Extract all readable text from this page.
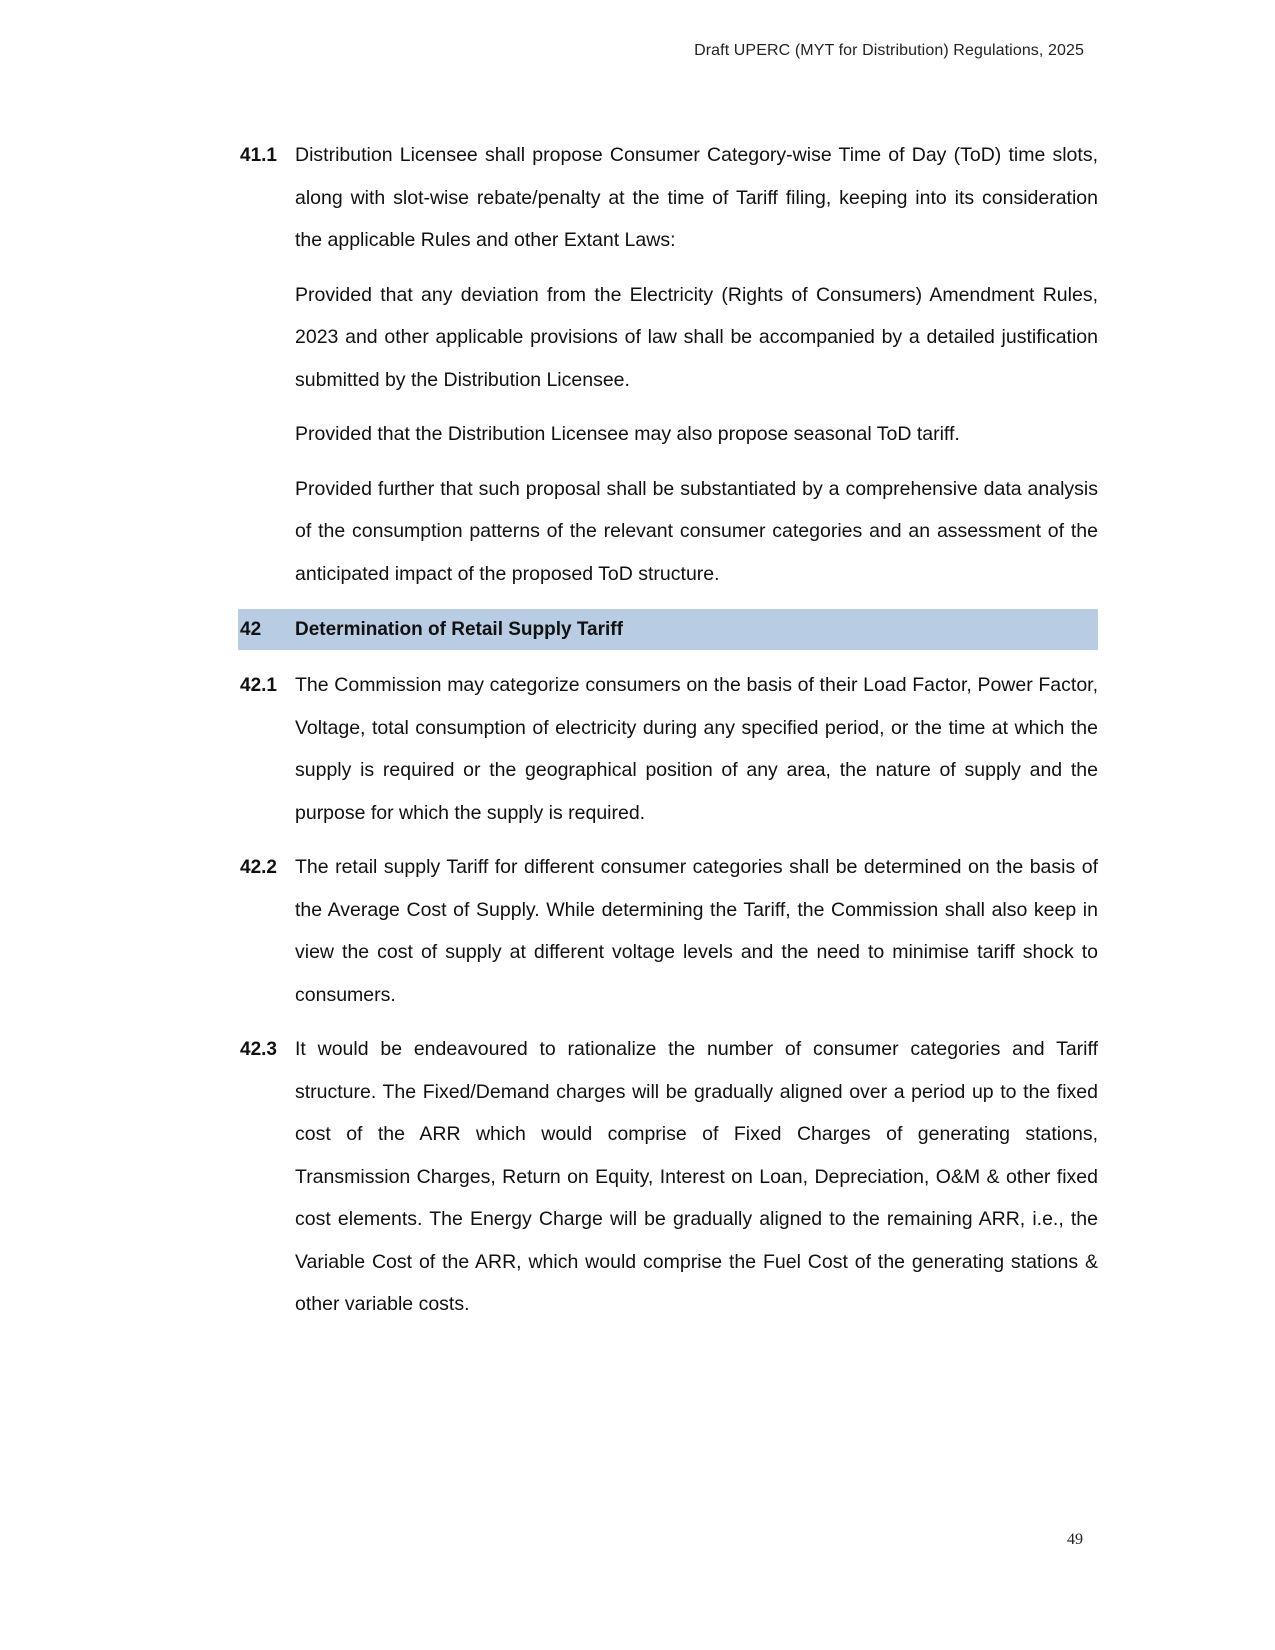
Draft UPERC (MYT for Distribution) Regulations, 2025
41.1 Distribution Licensee shall propose Consumer Category-wise Time of Day (ToD) time slots, along with slot-wise rebate/penalty at the time of Tariff filing, keeping into its consideration the applicable Rules and other Extant Laws:

Provided that any deviation from the Electricity (Rights of Consumers) Amendment Rules, 2023 and other applicable provisions of law shall be accompanied by a detailed justification submitted by the Distribution Licensee.

Provided that the Distribution Licensee may also propose seasonal ToD tariff.

Provided further that such proposal shall be substantiated by a comprehensive data analysis of the consumption patterns of the relevant consumer categories and an assessment of the anticipated impact of the proposed ToD structure.

42	Determination of Retail Supply Tariff
42.1 The Commission may categorize consumers on the basis of their Load Factor, Power Factor, Voltage, total consumption of electricity during any specified period, or the time at which the supply is required or the geographical position of any area, the nature of supply and the purpose for which the supply is required.

42.2 The retail supply Tariff for different consumer categories shall be determined on the basis of the Average Cost of Supply. While determining the Tariff, the Commission shall also keep in view the cost of supply at different voltage levels and the need to minimise tariff shock to consumers.

42.3 It would be endeavoured to rationalize the number of consumer categories and Tariff structure. The Fixed/Demand charges will be gradually aligned over a period up to the fixed cost of the ARR which would comprise of Fixed Charges of generating stations, Transmission Charges, Return on Equity, Interest on Loan, Depreciation, O&M & other fixed cost elements. The Energy Charge will be gradually aligned to the remaining ARR, i.e., the Variable Cost of the ARR, which would comprise the Fuel Cost of the generating stations & other variable costs.

49
